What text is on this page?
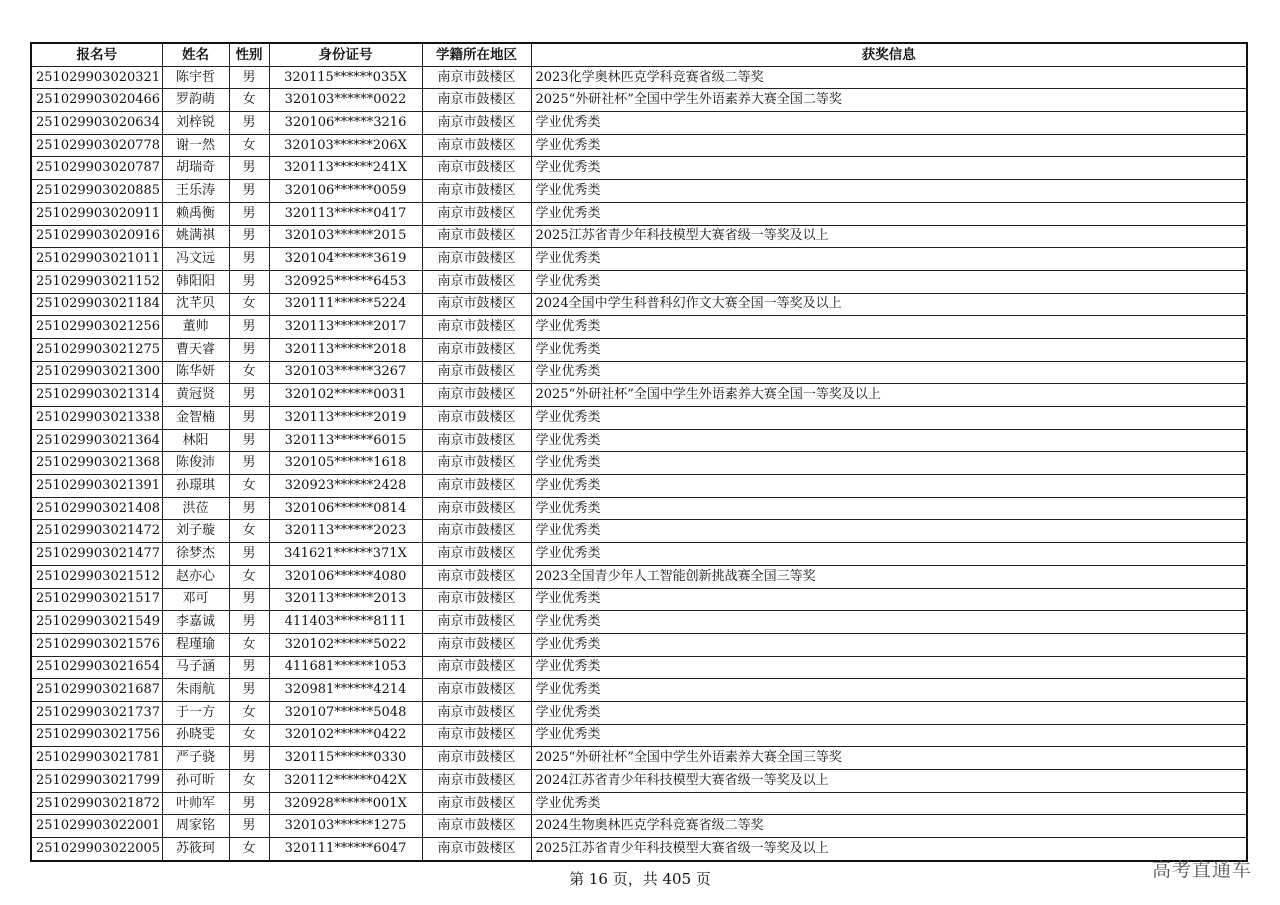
报名号	姓名	性别	身份证号	学籍所在地区	获奖信息
251029903020321	陈宇哲	男	320115******035X	南京市鼓楼区	2023化学奥林匹克学科竞赛省级二等奖
251029903020466	罗韵萌	女	320103******0022	南京市鼓楼区	2025“外研社杯”全国中学生外语素养大赛全国二等奖
251029903020634	刘梓锐	男	320106******3216	南京市鼓楼区	学业优秀类
251029903020778	谢一然	女	320103******206X	南京市鼓楼区	学业优秀类
251029903020787	胡瑞奇	男	320113******241X	南京市鼓楼区	学业优秀类
251029903020885	王乐涛	男	320106******0059	南京市鼓楼区	学业优秀类
251029903020911	赖禹衡	男	320113******0417	南京市鼓楼区	学业优秀类
251029903020916	姚满祺	男	320103******2015	南京市鼓楼区	2025江苏省青少年科技模型大赛省级一等奖及以上
251029903021011	冯文远	男	320104******3619	南京市鼓楼区	学业优秀类
251029903021152	韩阳阳	男	320925******6453	南京市鼓楼区	学业优秀类
251029903021184	沈芊贝	女	320111******5224	南京市鼓楼区	2024全国中学生科普科幻作文大赛全国一等奖及以上
251029903021256	董帅	男	320113******2017	南京市鼓楼区	学业优秀类
251029903021275	曹天睿	男	320113******2018	南京市鼓楼区	学业优秀类
251029903021300	陈华妍	女	320103******3267	南京市鼓楼区	学业优秀类
251029903021314	黄冠贤	男	320102******0031	南京市鼓楼区	2025“外研社杯”全国中学生外语素养大赛全国一等奖及以上
251029903021338	金智楠	男	320113******2019	南京市鼓楼区	学业优秀类
251029903021364	林阳	男	320113******6015	南京市鼓楼区	学业优秀类
251029903021368	陈俊沛	男	320105******1618	南京市鼓楼区	学业优秀类
251029903021391	孙璟琪	女	320923******2428	南京市鼓楼区	学业优秀类
251029903021408	洪莅	男	320106******0814	南京市鼓楼区	学业优秀类
251029903021472	刘子璇	女	320113******2023	南京市鼓楼区	学业优秀类
251029903021477	徐梦杰	男	341621******371X	南京市鼓楼区	学业优秀类
251029903021512	赵亦心	女	320106******4080	南京市鼓楼区	2023全国青少年人工智能创新挑战赛全国三等奖
251029903021517	邓可	男	320113******2013	南京市鼓楼区	学业优秀类
251029903021549	李嘉诚	男	411403******8111	南京市鼓楼区	学业优秀类
251029903021576	程瑾瑜	女	320102******5022	南京市鼓楼区	学业优秀类
251029903021654	马子涵	男	411681******1053	南京市鼓楼区	学业优秀类
251029903021687	朱雨航	男	320981******4214	南京市鼓楼区	学业优秀类
251029903021737	于一方	女	320107******5048	南京市鼓楼区	学业优秀类
251029903021756	孙晓雯	女	320102******0422	南京市鼓楼区	学业优秀类
251029903021781	严子骁	男	320115******0330	南京市鼓楼区	2025“外研社杯”全国中学生外语素养大赛全国三等奖
251029903021799	孙可昕	女	320112******042X	南京市鼓楼区	2024江苏省青少年科技模型大赛省级一等奖及以上
251029903021872	叶帅军	男	320928******001X	南京市鼓楼区	学业优秀类
251029903022001	周家铭	男	320103******1275	南京市鼓楼区	2024生物奥林匹克学科竞赛省级二等奖
251029903022005	苏筱珂	女	320111******6047	南京市鼓楼区	2025江苏省青少年科技模型大赛省级一等奖及以上
第 16 页，共 405 页	高考直通车
